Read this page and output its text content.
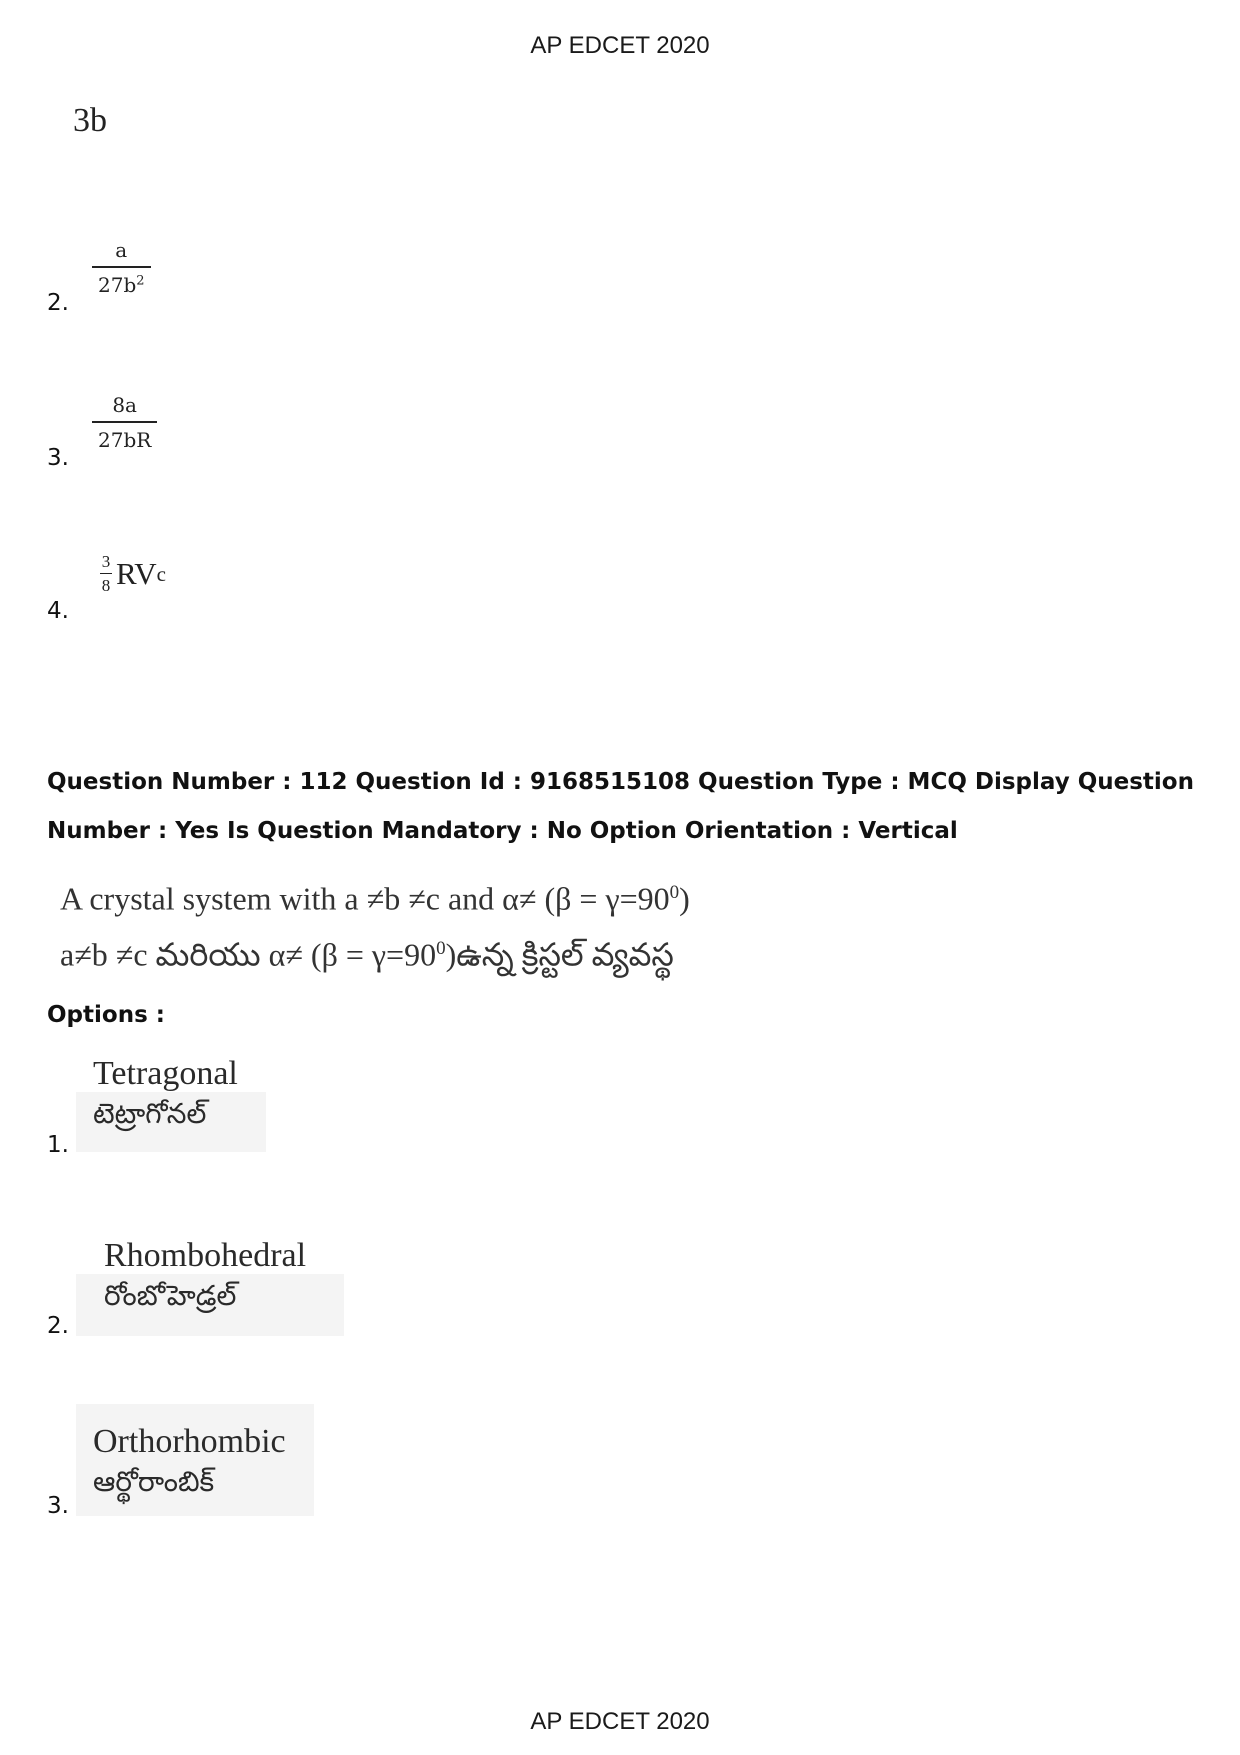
AP EDCET 2020
3b
2.
a
$27b^2$
3.
8a
27bR
4.
3
8 RV c
Question Number : 112 Question Id : 9168515108 Question Type : MCQ Display Question
Number : Yes Is Question Mandatory : No Option Orientation : Vertical
A crystal system with a ≠b ≠c and $\alpha\ne (\beta = \gamma=90^0)$
a≠b ≠c మరియు $\alpha\ne (\beta = \gamma=90^0)ఉన్న$ క్రిస్టల్ వ్యవస్థ
Options :
1.
Tetragonal
టెట్రాగోనల్
2.
Rhombohedral
రోంబోహెడ్రల్
3.
Orthorhombic
ఆర్థోరాంబిక్
AP EDCET 2020
